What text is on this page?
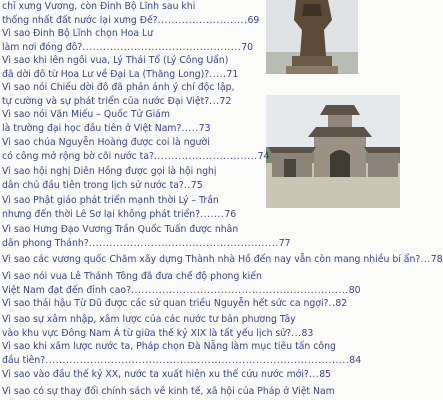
chỉ xưng Vương, còn Đinh Bộ Lĩnh sau khi
thống nhất đất nước lại xưng Đế?..........................69
Vì sao Đinh Bộ Lĩnh chọn Hoa Lư
làm nơi đóng đô?..............................................70
Vì sao khi lên ngôi vua, Lý Thái Tổ (Lý Công Uẩn)
đã dời đô từ Hoa Lư về Đại La (Thăng Long)?.....71
Vì sao nói Chiếu dời đô đã phản ánh ý chí độc lập,
tự cường và sự phát triển của nước Đại Việt?...72
Vì sao nói Văn Miếu – Quốc Tử Giám
là trường đại học đầu tiên ở Việt Nam?.....73
Vì sao chúa Nguyễn Hoàng được coi là người
có công mở rộng bờ cõi nước ta?..............................74
Vì sao hội nghị Diên Hồng được gọi là hội nghị
dân chủ đầu tiên trong lịch sử nước ta?..75
Vì sao Phật giáo phát triển mạnh thời Lý – Trần
nhưng đến thời Lê Sơ lại không phát triển?.......76
Vì sao Hưng Đạo Vương Trần Quốc Tuấn được nhân
dân phong Thánh?.......................................................77
Vì sao các vương quốc Chăm xây dựng Thành nhà Hồ đến nay vẫn còn mang nhiều bí ẩn?...78
Vì sao nói vua Lê Thánh Tông đã đưa chế độ phong kiến
Việt Nam đạt đến đỉnh cao?...............................................................80
Vì sao thái hậu Từ Dũ được các sử quan triều Nguyễn hết sức ca ngợi?..82
Vì sao sự xâm nhập, xâm lược của các nước tư bản phương Tây
vào khu vực Đông Nam Á từ giữa thế kỷ XIX là tất yếu lịch sử?...83
Vì sao khi xâm lược nước ta, Pháp chọn Đà Nẵng làm mục tiêu tấn công
đầu tiên?........................................................................................84
Vì sao vào đầu thế kỷ XX, nước ta xuất hiện xu thế cứu nước mới?...85
Vì sao có sự thay đổi chính sách về kinh tế, xã hội của Pháp ở Việt Nam
